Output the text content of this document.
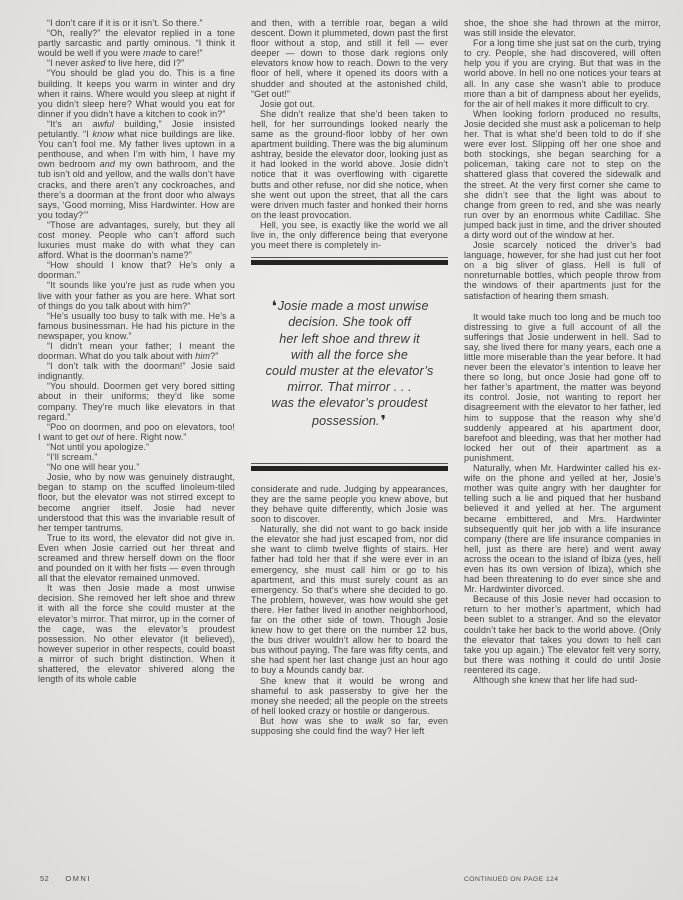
“I don’t care if it is or it isn’t. So there.”

“Oh, really?” the elevator replied in a tone partly sarcastic and partly ominous. “I think it would be well if you were made to care!”

“I never asked to live here, did I?”

“You should be glad you do. This is a fine building. It keeps you warm in winter and dry when it rains. Where would you sleep at night if you didn’t sleep here? What would you eat for dinner if you didn’t have a kitchen to cook in?”

“It’s an awful building,” Josie insisted petulantly. “I know what nice buildings are like. You can’t fool me. My father lives uptown in a penthouse, and when I’m with him, I have my own bedroom and my own bathroom, and the tub isn’t old and yellow, and the walls don’t have cracks, and there aren’t any cockroaches, and there’s a doorman at the front door who always says, ‘Good morning, Miss Hardwinter. How are you today?’”

“Those are advantages, surely, but they all cost money. People who can’t afford such luxuries must make do with what they can afford. What is the doorman’s name?”

“How should I know that? He’s only a doorman.”

“It sounds like you’re just as rude when you live with your father as you are here. What sort of things do you talk about with him?”

“He’s usually too busy to talk with me. He’s a famous businessman. He had his picture in the newspaper, you know.”

“I didn’t mean your father; I meant the doorman. What do you talk about with him?”

“I don’t talk with the doorman!” Josie said indignantly.

“You should. Doormen get very bored sitting about in their uniforms; they’d like some company. They’re much like elevators in that regard.”

“Poo on doormen, and poo on elevators, too! I want to get out of here. Right now.”

“Not until you apologize.”

“I’ll scream.”

“No one will hear you.”

Josie, who by now was genuinely distraught, began to stamp on the scuffed linoleum-tiled floor, but the elevator was not stirred except to become angrier itself. Josie had never understood that this was the invariable result of her temper tantrums.

True to its word, the elevator did not give in. Even when Josie carried out her threat and screamed and threw herself down on the floor and pounded on it with her fists — even through all that the elevator remained unmoved.

It was then Josie made a most unwise decision. She removed her left shoe and threw it with all the force she could muster at the elevator’s mirror. That mirror, up in the corner of the cage, was the elevator’s proudest possession. No other elevator (it believed), however superior in other respects, could boast a mirror of such bright distinction. When it shattered, the elevator shivered along the length of its whole cable

and then, with a terrible roar, began a wild descent. Down it plummeted, down past the first floor without a stop, and still it fell — ever deeper — down to those dark regions only elevators know how to reach. Down to the very floor of hell, where it opened its doors with a shudder and shouted at the astonished child, “Get out!”

Josie got out.

She didn’t realize that she’d been taken to hell, for her surroundings looked nearly the same as the ground-floor lobby of her own apartment building. There was the big aluminum ashtray, beside the elevator door, looking just as it had looked in the world above. Josie didn’t notice that it was overflowing with cigarette butts and other refuse, nor did she notice, when she went out upon the street, that all the cars were driven much faster and honked their horns on the least provocation.

Hell, you see, is exactly like the world we all live in, the only difference being that everyone you meet there is completely in-

❛Josie made a most unwise
decision. She took off
her left shoe and threw it
with all the force she
could muster at the elevator’s
mirror. That mirror . . .
was the elevator’s proudest
possession.❜

considerate and rude. Judging by appearances, they are the same people you knew above, but they behave quite differently, which Josie was soon to discover.

Naturally, she did not want to go back inside the elevator she had just escaped from, nor did she want to climb twelve flights of stairs. Her father had told her that if she were ever in an emergency, she must call him or go to his apartment, and this must surely count as an emergency. So that’s where she decided to go. The problem, however, was how would she get there. Her father lived in another neighborhood, far on the other side of town. Though Josie knew how to get there on the number 12 bus, the bus driver wouldn’t allow her to board the bus without paying. The fare was fifty cents, and she had spent her last change just an hour ago to buy a Mounds candy bar.

She knew that it would be wrong and shameful to ask passersby to give her the money she needed; all the people on the streets of hell looked crazy or hostile or dangerous.

But how was she to walk so far, even supposing she could find the way? Her left

shoe, the shoe she had thrown at the mirror, was still inside the elevator.

For a long time she just sat on the curb, trying to cry. People, she had discovered, will often help you if you are crying. But that was in the world above. In hell no one notices your tears at all. In any case she wasn’t able to produce more than a bit of dampness about her eyelids, for the air of hell makes it more difficult to cry.

When looking forlorn produced no results, Josie decided she must ask a policeman to help her. That is what she’d been told to do if she were ever lost. Slipping off her one shoe and both stockings, she began searching for a policeman, taking care not to step on the shattered glass that covered the sidewalk and the street. At the very first corner she came to she didn’t see that the light was about to change from green to red, and she was nearly run over by an enormous white Cadillac. She jumped back just in time, and the driver shouted a dirty word out of the window at her.

Josie scarcely noticed the driver’s bad language, however, for she had just cut her foot on a big sliver of glass. Hell is full of nonreturnable bottles, which people throw from the windows of their apartments just for the satisfaction of hearing them smash.

It would take much too long and be much too distressing to give a full account of all the sufferings that Josie underwent in hell. Sad to say, she lived there for many years, each one a little more miserable than the year before. It had never been the elevator’s intention to leave her there so long, but once Josie had gone off to her father’s apartment, the matter was beyond its control. Josie, not wanting to report her disagreement with the elevator to her father, led him to suppose that the reason why she’d suddenly appeared at his apartment door, barefoot and bleeding, was that her mother had locked her out of their apartment as a punishment.

Naturally, when Mr. Hardwinter called his ex-wife on the phone and yelled at her, Josie’s mother was quite angry with her daughter for telling such a lie and piqued that her husband believed it and yelled at her. The argument became embittered, and Mrs. Hardwinter subsequently quit her job with a life insurance company (there are life insurance companies in hell, just as there are here) and went away across the ocean to the island of Ibiza (yes, hell even has its own version of Ibiza), which she had been threatening to do ever since she and Mr. Hardwinter divorced.

Because of this Josie never had occasion to return to her mother’s apartment, which had been sublet to a stranger. And so the elevator couldn’t take her back to the world above. (Only the elevator that takes you down to hell can take you up again.) The elevator felt very sorry, but there was nothing it could do until Josie reentered its cage.

Although she knew that her life had sud-

52 OMNI	CONTINUED ON PAGE 124
